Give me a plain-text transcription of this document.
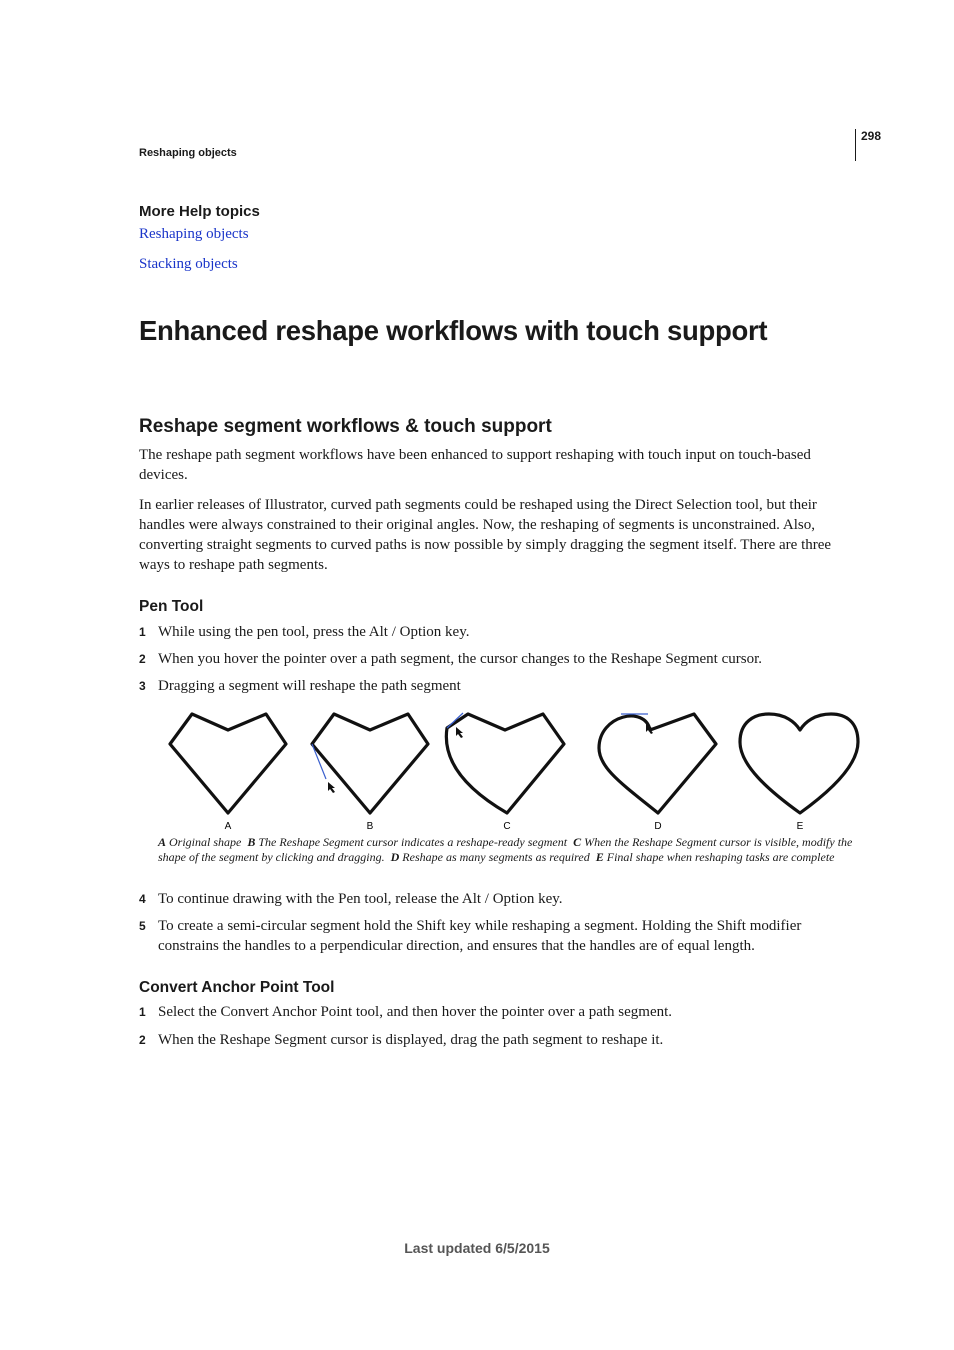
298
Reshaping objects
More Help topics
Reshaping objects
Stacking objects
Enhanced reshape workflows with touch support
Reshape segment workflows & touch support

The reshape path segment workflows have been enhanced to support reshaping with touch input on touch-based devices.

In earlier releases of Illustrator, curved path segments could be reshaped using the Direct Selection tool, but their handles were always constrained to their original angles. Now, the reshaping of segments is unconstrained. Also, converting straight segments to curved paths is now possible by simply dragging the segment itself. There are three ways to reshape path segments.

Pen Tool
1 While using the pen tool, press the Alt / Option key.
2 When you hover the pointer over a path segment, the cursor changes to the Reshape Segment cursor.
3 Dragging a segment will reshape the path segment
A	B	C	D	E
A Original shape B The Reshape Segment cursor indicates a reshape-ready segment C When the Reshape Segment cursor is visible, modify the shape of the segment by clicking and dragging. D Reshape as many segments as required E Final shape when reshaping tasks are complete
4 To continue drawing with the Pen tool, release the Alt / Option key.
5 To create a semi-circular segment hold the Shift key while reshaping a segment. Holding the Shift modifier constrains the handles to a perpendicular direction, and ensures that the handles are of equal length.
Convert Anchor Point Tool
1 Select the Convert Anchor Point tool, and then hover the pointer over a path segment.
2 When the Reshape Segment cursor is displayed, drag the path segment to reshape it.
Last updated 6/5/2015
